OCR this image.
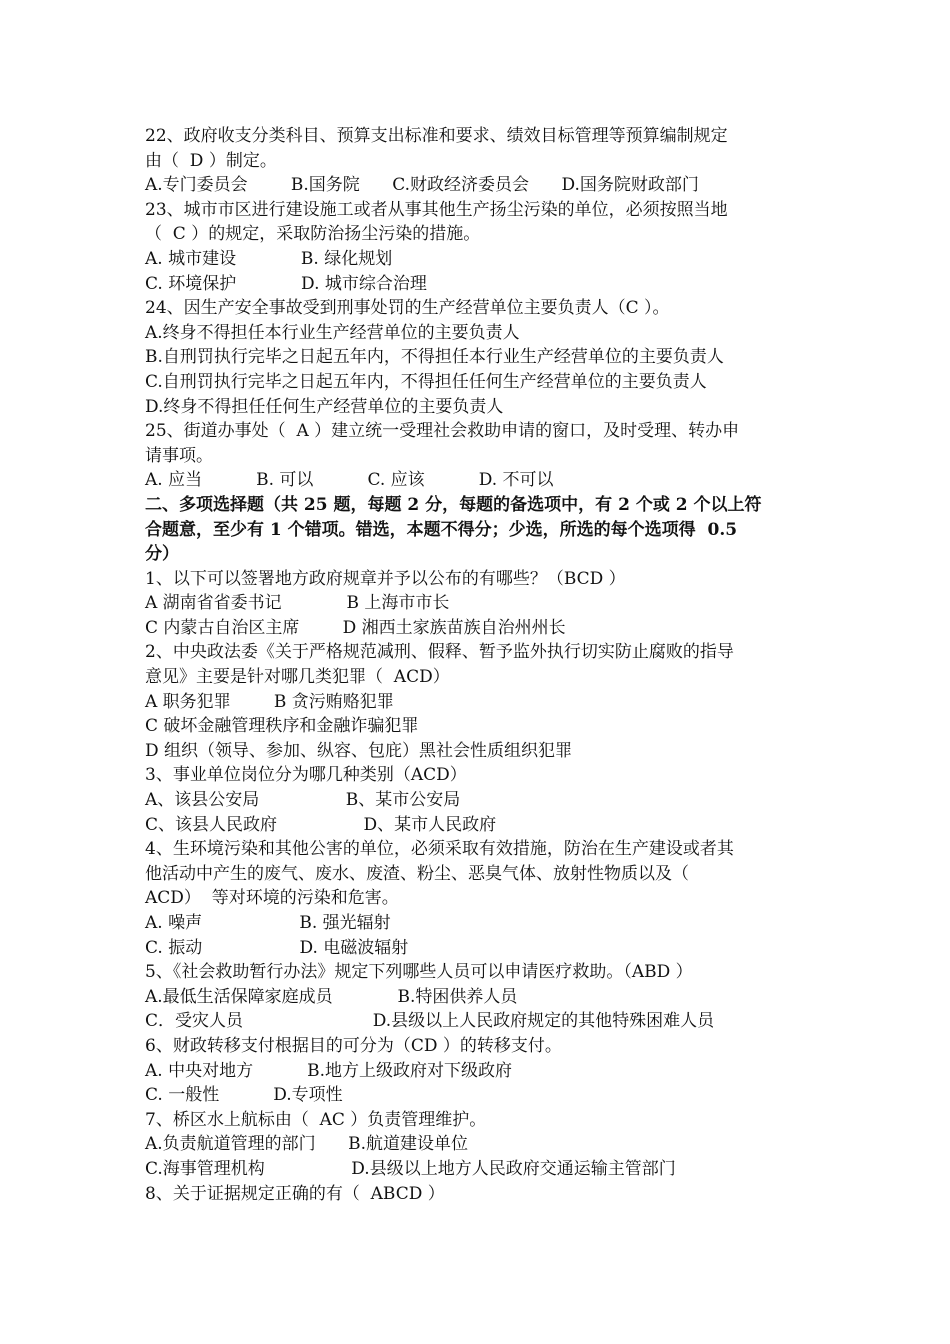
22、政府收支分类科目、预算支出标准和要求、绩效目标管理等预算编制规定
由（  D ）制定。
A.专门委员会        B.国务院      C.财政经济委员会      D.国务院财政部门
23、城市市区进行建设施工或者从事其他生产扬尘污染的单位，必须按照当地
（  C ）的规定，采取防治扬尘污染的措施。
A. 城市建设            B. 绿化规划
C. 环境保护            D. 城市综合治理
24、因生产安全事故受到刑事处罚的生产经营单位主要负责人（C ）。
A.终身不得担任本行业生产经营单位的主要负责人
B.自刑罚执行完毕之日起五年内，不得担任本行业生产经营单位的主要负责人
C.自刑罚执行完毕之日起五年内，不得担任任何生产经营单位的主要负责人
D.终身不得担任任何生产经营单位的主要负责人
25、街道办事处（  A ）建立统一受理社会救助申请的窗口，及时受理、转办申
请事项。
A. 应当          B. 可以          C. 应该          D. 不可以
二、多项选择题（共 25 题，每题 2 分，每题的备选项中，有 2 个或 2 个以上符
合题意，至少有 1 个错项。错选，本题不得分；少选，所选的每个选项得  0.5
分）
1、以下可以签署地方政府规章并予以公布的有哪些？（BCD ）
A 湖南省省委书记            B 上海市市长
C 内蒙古自治区主席        D 湘西土家族苗族自治州州长
2、中央政法委《关于严格规范减刑、假释、暂予监外执行切实防止腐败的指导
意见》主要是针对哪几类犯罪（  ACD）
A 职务犯罪        B 贪污贿赂犯罪
C 破坏金融管理秩序和金融诈骗犯罪
D 组织（领导、参加、纵容、包庇）黑社会性质组织犯罪
3、事业单位岗位分为哪几种类别（ACD）
A、该县公安局                B、某市公安局
C、该县人民政府                D、某市人民政府
4、生环境污染和其他公害的单位，必须采取有效措施，防治在生产建设或者其
他活动中产生的废气、废水、废渣、粉尘、恶臭气体、放射性物质以及（
ACD）  等对环境的污染和危害。
A. 噪声                  B. 强光辐射
C. 振动                  D. 电磁波辐射
5、《社会救助暂行办法》规定下列哪些人员可以申请医疗救助。（ABD ）
A.最低生活保障家庭成员            B.特困供养人员
C．受灾人员                        D.县级以上人民政府规定的其他特殊困难人员
6、财政转移支付根据目的可分为（CD ）的转移支付。
A. 中央对地方          B.地方上级政府对下级政府
C. 一般性          D.专项性
7、桥区水上航标由（  AC ）负责管理维护。
A.负责航道管理的部门      B.航道建设单位
C.海事管理机构                D.县级以上地方人民政府交通运输主管部门
8、关于证据规定正确的有（  ABCD ）
